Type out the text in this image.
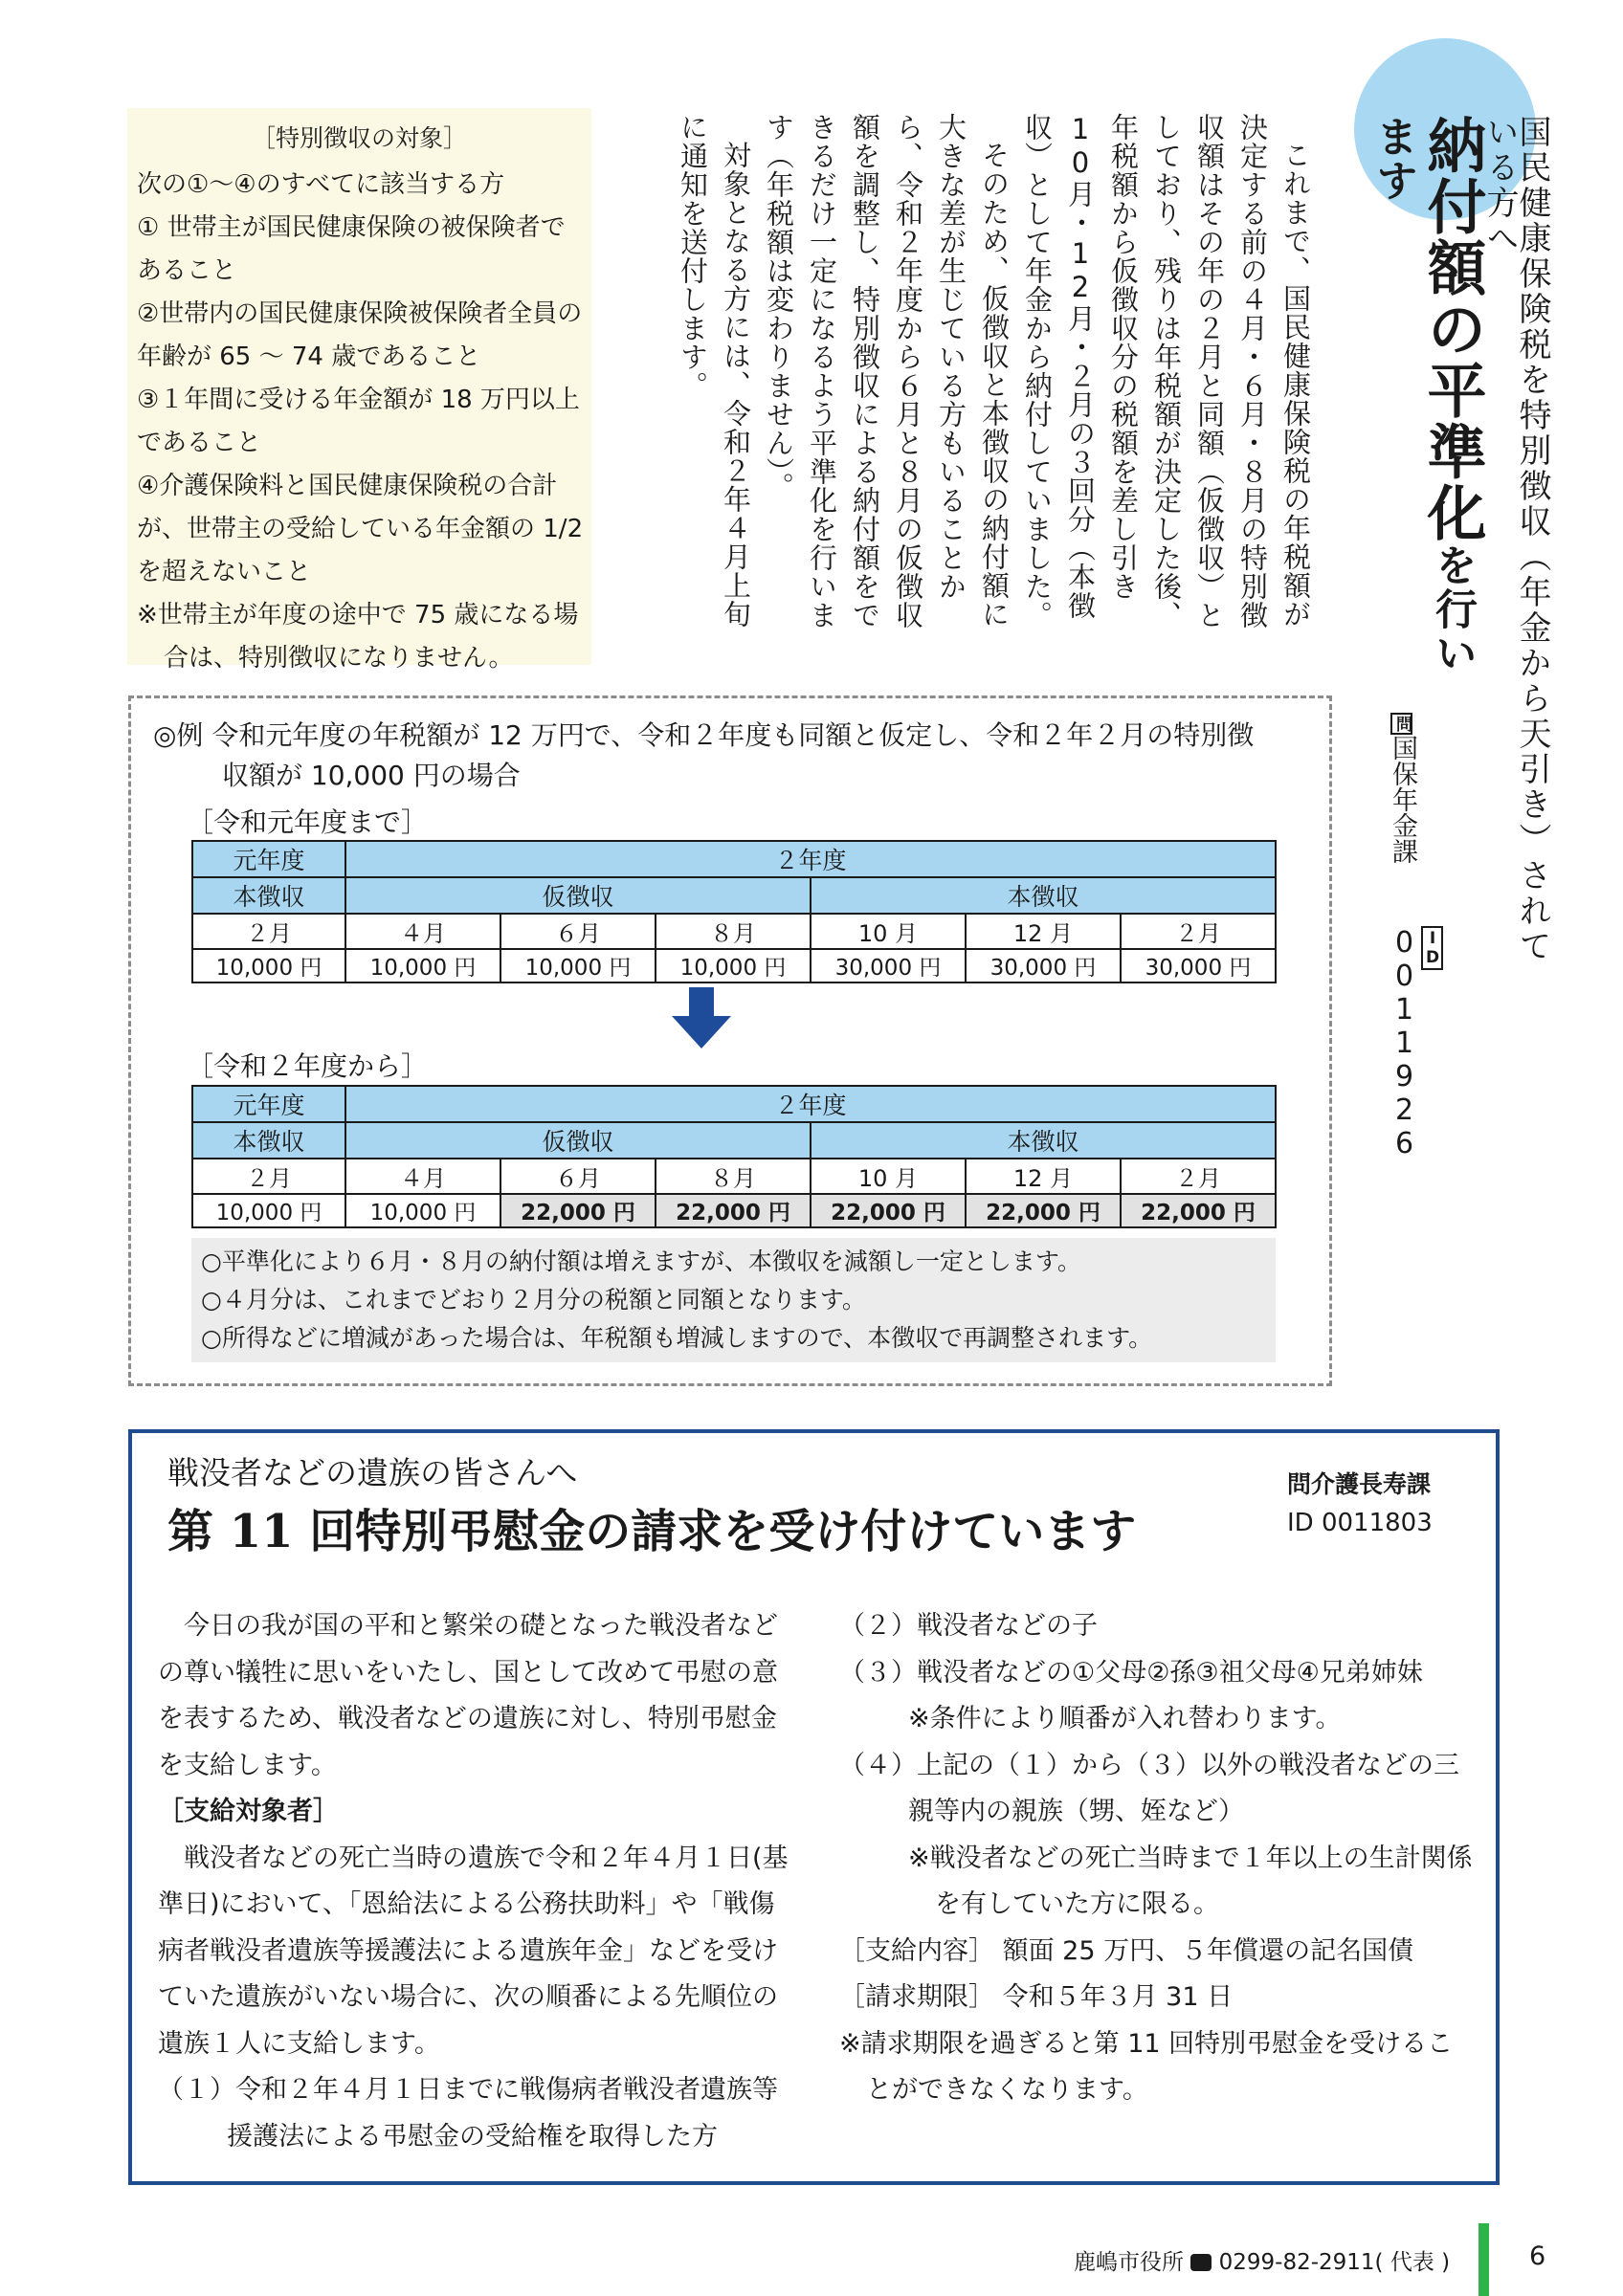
国民健康保険税を特別徴収（年金から天引き）されている方へ
納付額の平準化を行います
問国保年金課
ID0011926

これまで、国民健康保険税の年税額が決定する前の４月・６月・８月の特別徴収額はその年の２月と同額（仮徴収）としており、残りは年税額が決定した後、年税額から仮徴収分の税額を差し引き10月・12月・２月の３回分（本徴収）として年金から納付していました。

そのため、仮徴収と本徴収の納付額に大きな差が生じている方もいることから、令和２年度から６月と８月の仮徴収額を調整し、特別徴収による納付額をできるだけ一定になるよう平準化を行います（年税額は変わりません）。

対象となる方には、令和２年４月上旬に通知を送付します。

［特別徴収の対象］
次の①～④のすべてに該当する方
① 世帯主が国民健康保険の被保険者で
あること
②世帯内の国民健康保険被保険者全員の
年齢が 65 ～ 74 歳であること
③１年間に受ける年金額が 18 万円以上
であること
④介護保険料と国民健康保険税の合計
が、世帯主の受給している年金額の 1/2
を超えないこと
※世帯主が年度の途中で 75 歳になる場
合は、特別徴収になりません。
◎例 令和元年度の年税額が 12 万円で、令和２年度も同額と仮定し、令和２年２月の特別徴
収額が 10,000 円の場合
［令和元年度まで］
元年度	２年度					
本徴収	仮徴収			本徴収		
２月	４月	６月	８月	10 月	12 月	２月
10,000 円	10,000 円	10,000 円	10,000 円	30,000 円	30,000 円	30,000 円
［令和２年度から］
元年度	２年度					
本徴収	仮徴収			本徴収		
２月	４月	６月	８月	10 月	12 月	２月
10,000 円	10,000 円	22,000 円	22,000 円	22,000 円	22,000 円	22,000 円
○平準化により６月・８月の納付額は増えますが、本徴収を減額し一定とします。
○４月分は、これまでどおり２月分の税額と同額となります。
○所得などに増減があった場合は、年税額も増減しますので、本徴収で再調整されます。
戦没者などの遺族の皆さんへ
第 11 回特別弔慰金の請求を受け付けています
問介護長寿課
ID 0011803

今日の我が国の平和と繁栄の礎となった戦没者などの尊い犠牲に思いをいたし、国として改めて弔慰の意を表するため、戦没者などの遺族に対し、特別弔慰金を支給します。

［支給対象者］

戦没者などの死亡当時の遺族で令和２年４月１日(基準日)において、「恩給法による公務扶助料」や「戦傷病者戦没者遺族等援護法による遺族年金」などを受けていた遺族がいない場合に、次の順番による先順位の遺族１人に支給します。

（１）令和２年４月１日までに戦傷病者戦没者遺族等援護法による弔慰金の受給権を取得した方

（２）戦没者などの子

（３）戦没者などの①父母②孫③祖父母④兄弟姉妹

※条件により順番が入れ替わります。

（４）上記の（１）から（３）以外の戦没者などの三親等内の親族（甥、姪など）

※戦没者などの死亡当時まで１年以上の生計関係を有していた方に限る。

［支給内容］ 額面 25 万円、５年償還の記名国債

［請求期限］ 令和５年３月 31 日

※請求期限を過ぎると第 11 回特別弔慰金を受けることができなくなります。

鹿嶋市役所 0299-82-2911( 代表 )	6
